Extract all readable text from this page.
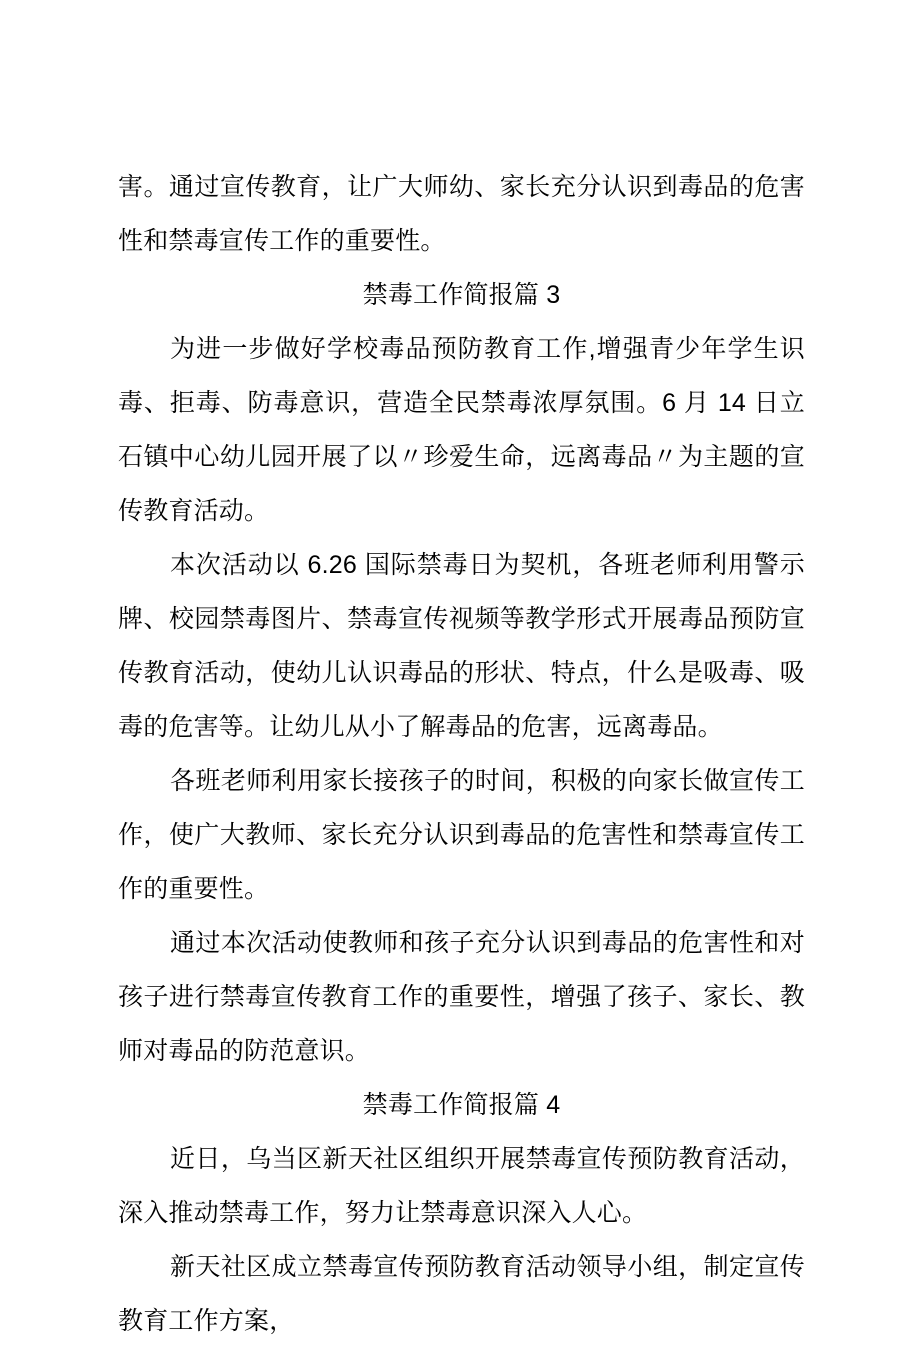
害。通过宣传教育，让广大师幼、家长充分认识到毒品的危害性和禁毒宣传工作的重要性。

禁毒工作简报篇 3

为进一步做好学校毒品预防教育工作,增强青少年学生识毒、拒毒、防毒意识，营造全民禁毒浓厚氛围。6 月 14 日立石镇中心幼儿园开展了以〃珍爱生命，远离毒品〃为主题的宣传教育活动。

本次活动以 6.26 国际禁毒日为契机，各班老师利用警示牌、校园禁毒图片、禁毒宣传视频等教学形式开展毒品预防宣传教育活动，使幼儿认识毒品的形状、特点，什么是吸毒、吸毒的危害等。让幼儿从小了解毒品的危害，远离毒品。

各班老师利用家长接孩子的时间，积极的向家长做宣传工作，使广大教师、家长充分认识到毒品的危害性和禁毒宣传工作的重要性。

通过本次活动使教师和孩子充分认识到毒品的危害性和对孩子进行禁毒宣传教育工作的重要性，增强了孩子、家长、教师对毒品的防范意识。

禁毒工作简报篇 4

近日，乌当区新天社区组织开展禁毒宣传预防教育活动，深入推动禁毒工作，努力让禁毒意识深入人心。

新天社区成立禁毒宣传预防教育活动领导小组，制定宣传教育工作方案，
